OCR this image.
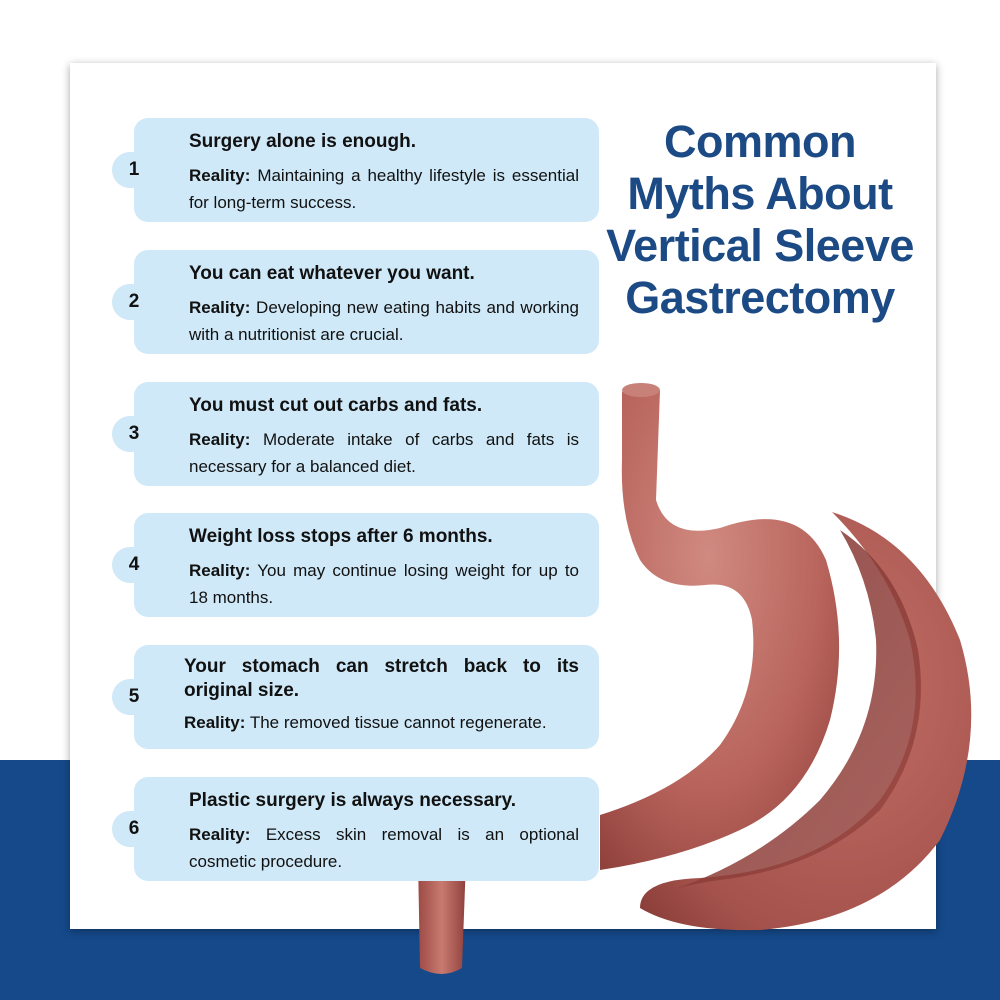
Common Myths About Vertical Sleeve Gastrectomy
1
Surgery alone is enough.
Reality: Maintaining a healthy lifestyle is essential for long-term success.
2
You can eat whatever you want.
Reality: Developing new eating habits and working with a nutritionist are crucial.
3
You must cut out carbs and fats.
Reality: Moderate intake of carbs and fats is necessary for a balanced diet.
4
Weight loss stops after 6 months.
Reality: You may continue losing weight for up to 18 months.
5
Your stomach can stretch back to its original size.
Reality: The removed tissue cannot regenerate.
6
Plastic surgery is always necessary.
Reality: Excess skin removal is an optional cosmetic procedure.
